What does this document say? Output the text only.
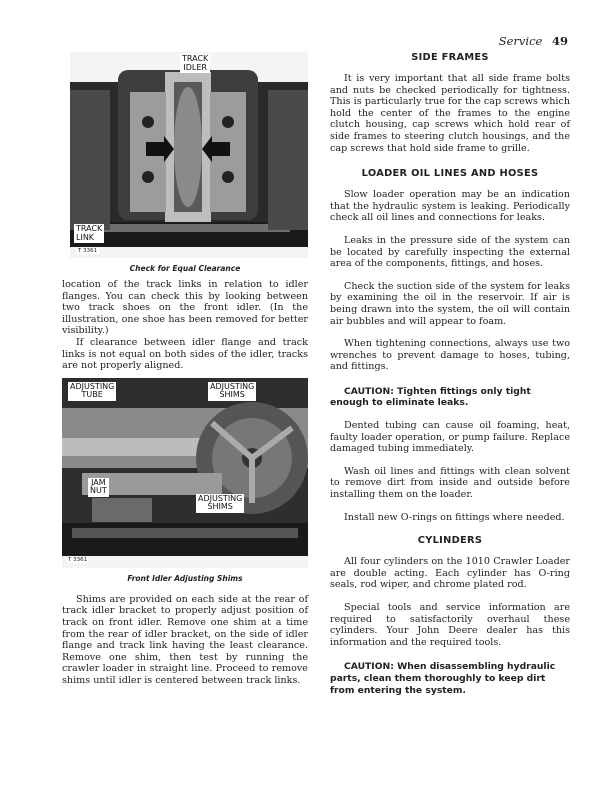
Service 49
TRACK
IDLER
TRACK
LINK
T 3361
Check for Equal Clearance

location of the track links in relation to idler flanges. You can check this by looking between two track shoes on the front idler. (In the illustration, one shoe has been removed for better visibility.)

If clearance between idler flange and track links is not equal on both sides of the idler, tracks are not properly aligned.

ADJUSTING
TUBE
ADJUSTING
SHIMS
JAM
NUT
ADJUSTING
SHIMS
T 3361
Front Idler Adjusting Shims

Shims are provided on each side at the rear of track idler bracket to properly adjust position of track on front idler. Remove one shim at a time from the rear of idler bracket, on the side of idler flange and track link having the least clearance. Remove one shim, then test by running the crawler loader in straight line. Proceed to remove shims until idler is centered between track links.

SIDE FRAMES

It is very important that all side frame bolts and nuts be checked periodically for tightness. This is particularly true for the cap screws which hold the center of the frames to the engine clutch housing, cap screws which hold rear of side frames to steering clutch housings, and the cap screws that hold side frame to grille.

LOADER OIL LINES AND HOSES

Slow loader operation may be an indication that the hydraulic system is leaking. Periodically check all oil lines and connections for leaks.

Leaks in the pressure side of the system can be located by carefully inspecting the external area of the components, fittings, and hoses.

Check the suction side of the system for leaks by examining the oil in the reservoir. If air is being drawn into the system, the oil will contain air bubbles and will appear to foam.

When tightening connections, always use two wrenches to prevent damage to hoses, tubing, and fittings.

CAUTION: Tighten fittings only tight enough to eliminate leaks.

Dented tubing can cause oil foaming, heat, faulty loader operation, or pump failure. Replace damaged tubing immediately.

Wash oil lines and fittings with clean solvent to remove dirt from inside and outside before installing them on the loader.

Install new O-rings on fittings where needed.

CYLINDERS

All four cylinders on the 1010 Crawler Loader are double acting. Each cylinder has O-ring seals, rod wiper, and chrome plated rod.

Special tools and service information are required to satisfactorily overhaul these cylinders. Your John Deere dealer has this information and the required tools.

CAUTION: When disassembling hydraulic parts, clean them thoroughly to keep dirt from entering the system.
